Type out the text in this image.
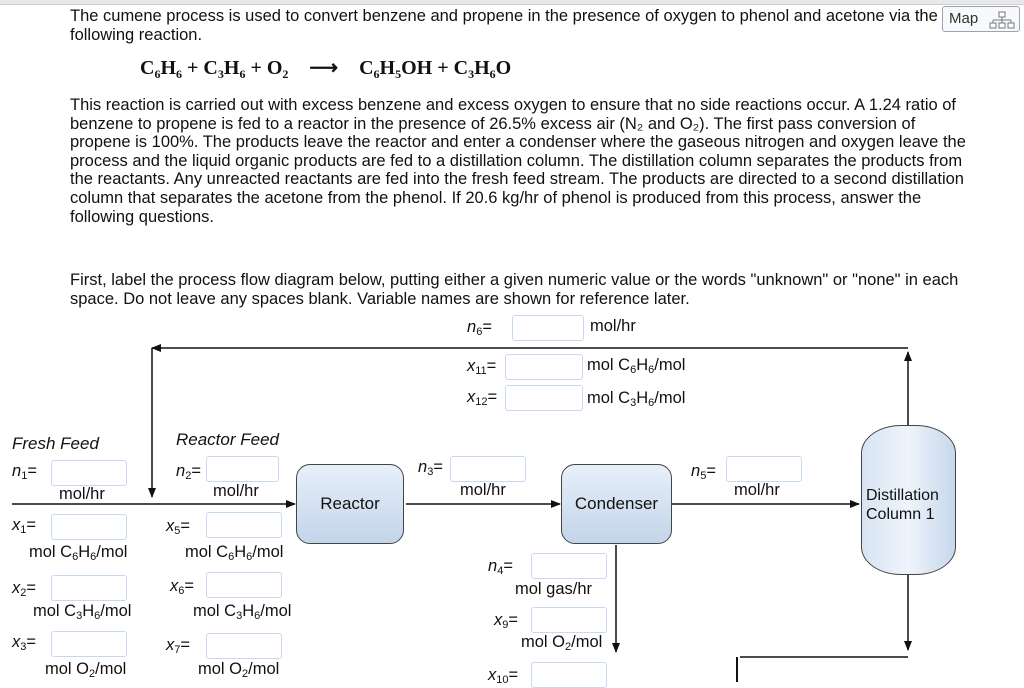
The cumene process is used to convert benzene and propene in the presence of oxygen to phenol and acetone via the following reaction.

Map
$C_6H_6 + C_3H_6 + O_2$ ⟶ $C_6H_5OH + C_3H_6O$

This reaction is carried out with excess benzene and excess oxygen to ensure that no side reactions occur. A 1.24 ratio of benzene to propene is fed to a reactor in the presence of 26.5% excess air (N₂ and O₂). The first pass conversion of propene is 100%. The products leave the reactor and enter a condenser where the gaseous nitrogen and oxygen leave the process and the liquid organic products are fed to a distillation column. The distillation column separates the products from the reactants. Any unreacted reactants are fed into the fresh feed stream. The products are directed to a second distillation column that separates the acetone from the phenol. If 20.6 kg/hr of phenol is produced from this process, answer the following questions.

First, label the process flow diagram below, putting either a given numeric value or the words "unknown" or "none" in each space. Do not leave any spaces blank. Variable names are shown for reference later.

Reactor	Condenser	Distillation
Column 1
Fresh Feed	Reactor Feed
$n_6=$
$x_{11}=$
$x_{12}=$
$n_1=$
$x_1=$
$x_2=$
$x_3=$
$n_2=$
$x_5=$
$x_6=$
$x_7=$
$n_3=$
$n_4=$
$x_9=$
$x_{10}=$
$n_5=$
mol/hr
mol $C_6H_6$/mol
mol $C_3H_6$/mol
mol/hr
mol $C_6H_6$/mol
mol $C_3H_6$/mol
mol $O_2$/mol
mol/hr
mol $C_6H_6$/mol
mol $C_3H_6$/mol
mol $O_2$/mol
mol/hr
mol gas/hr
mol $O_2$/mol
mol/hr
